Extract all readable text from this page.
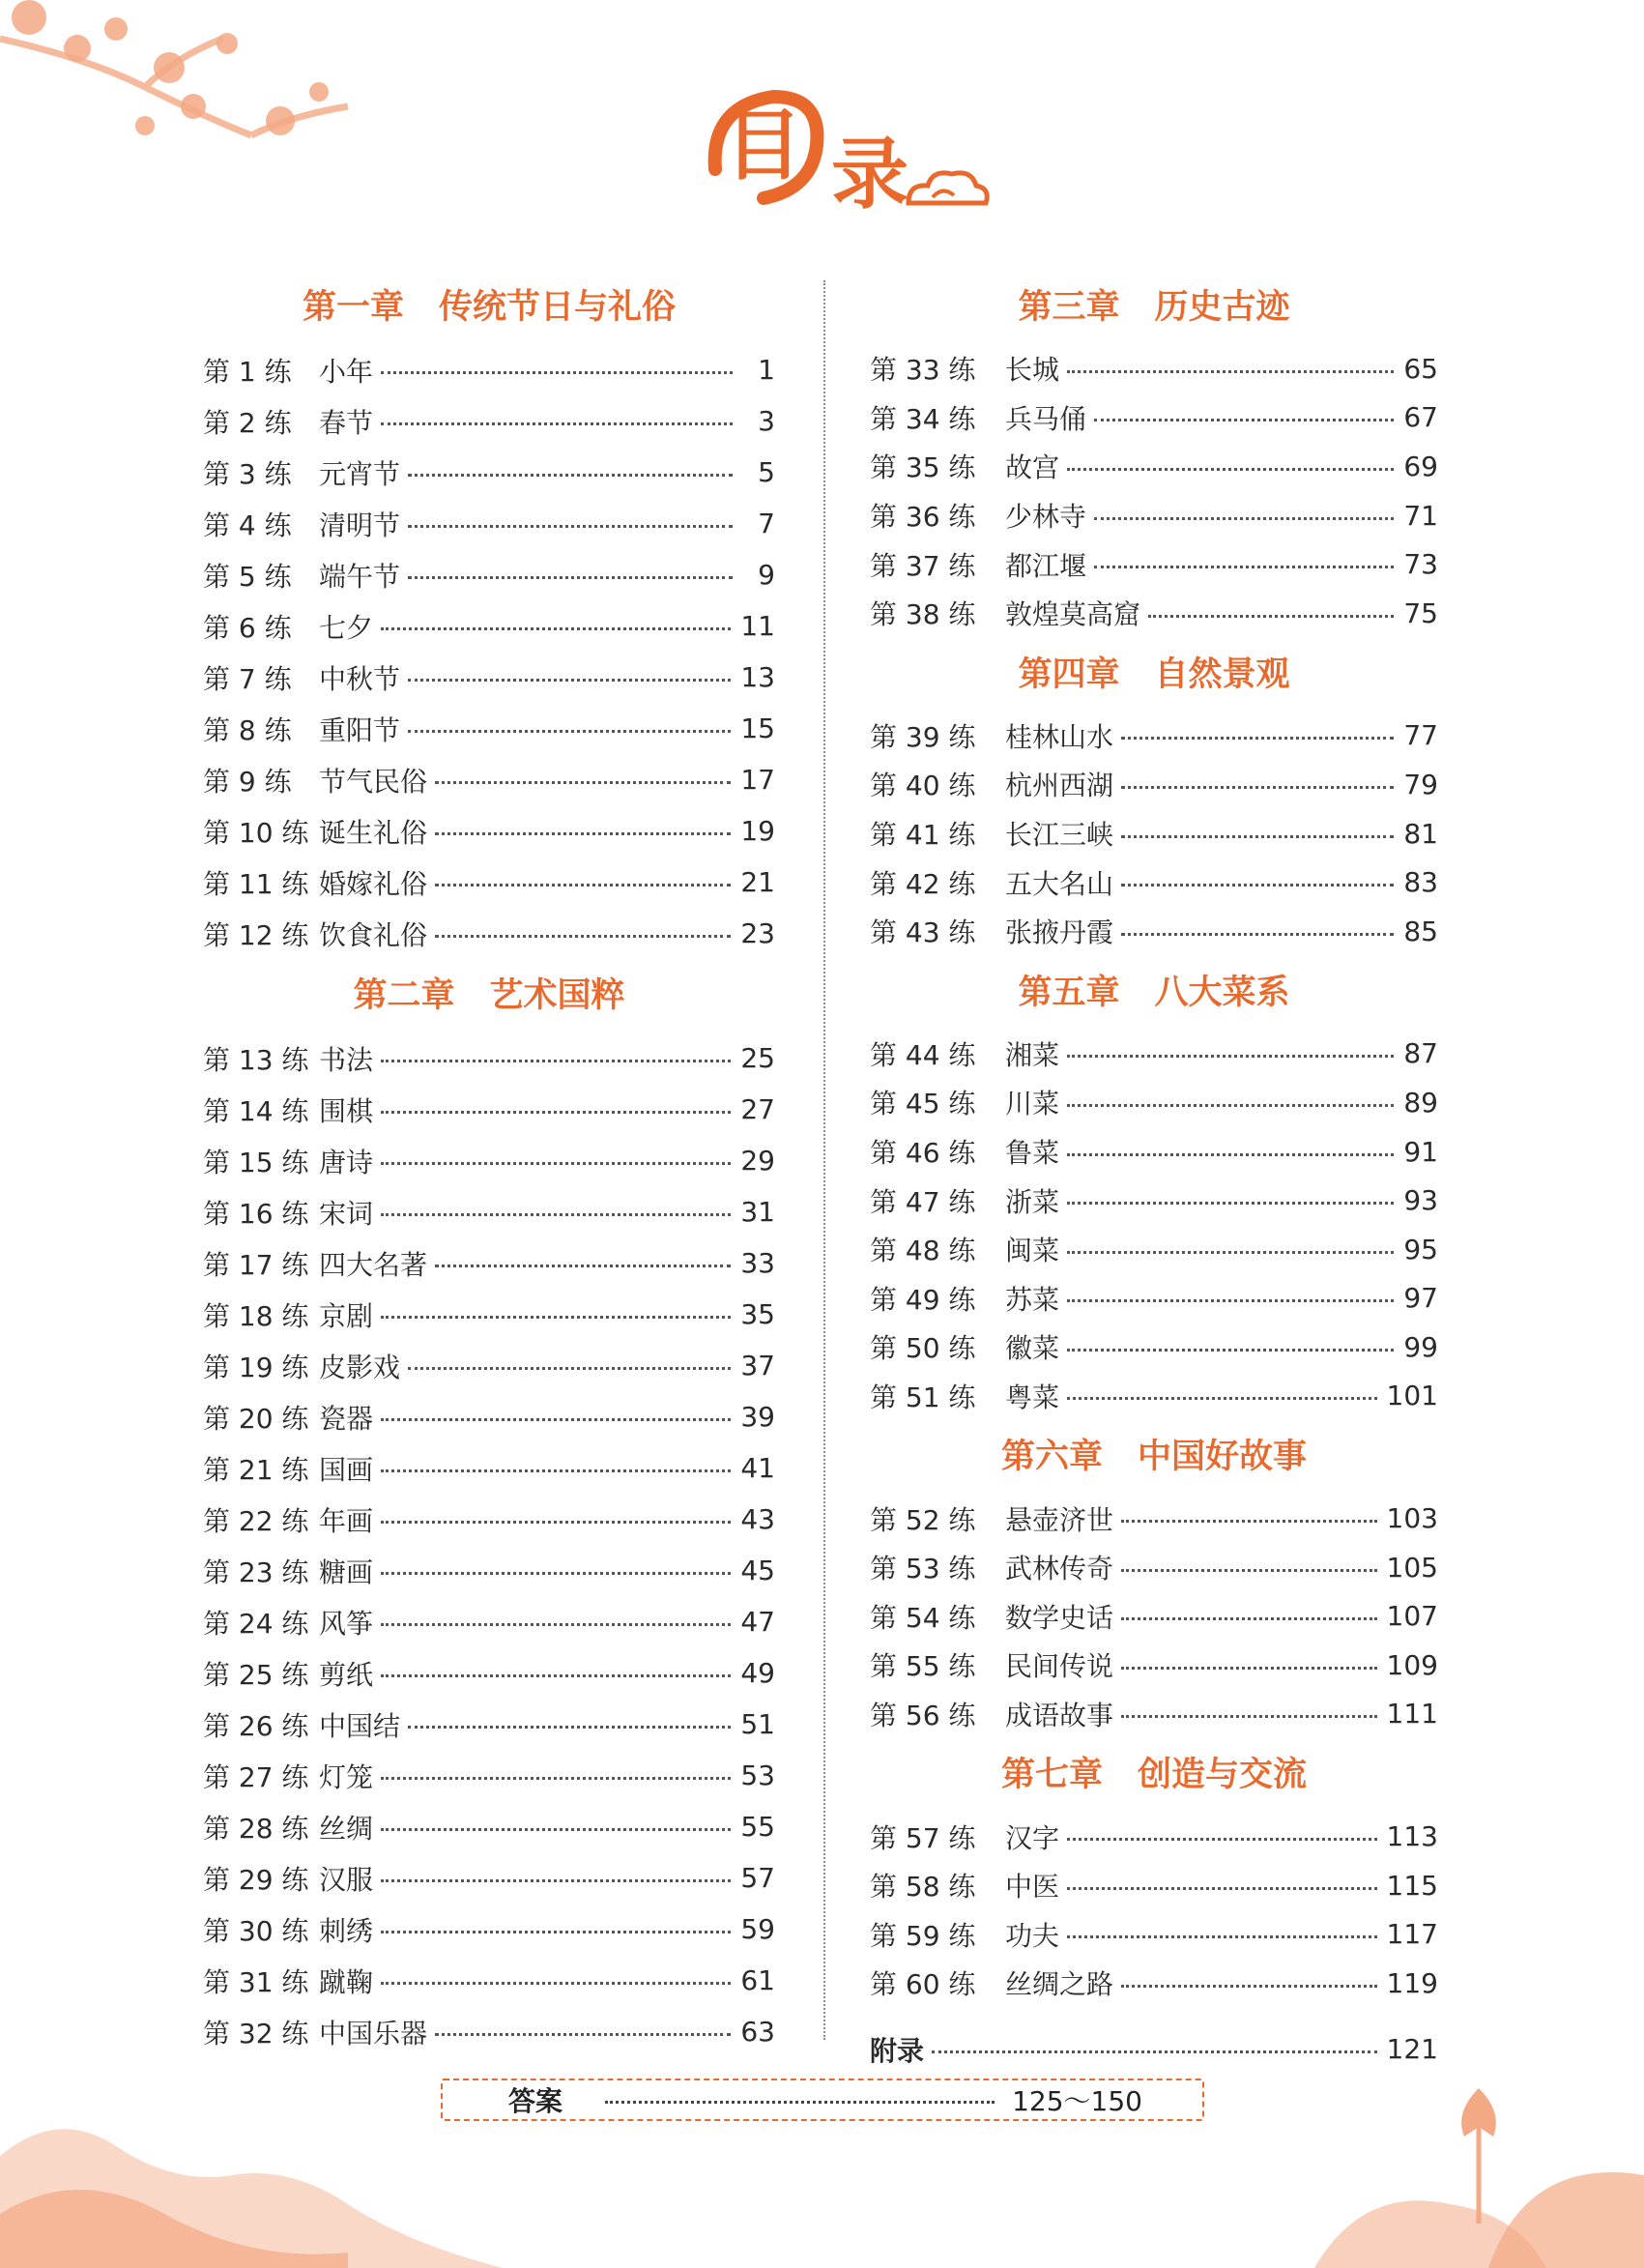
目 录
第一章 传统节日与礼俗
第 1 练	小年	1
第 2 练	春节	3
第 3 练	元宵节	5
第 4 练	清明节	7
第 5 练	端午节	9
第 6 练	七夕	11
第 7 练	中秋节	13
第 8 练	重阳节	15
第 9 练	节气民俗	17
第 10 练 诞生礼俗	19
第 11 练 婚嫁礼俗	21
第 12 练 饮食礼俗	23
第二章 艺术国粹
第 13 练 书法	25
第 14 练 围棋	27
第 15 练 唐诗	29
第 16 练 宋词	31
第 17 练 四大名著	33
第 18 练 京剧	35
第 19 练 皮影戏	37
第 20 练 瓷器	39
第 21 练 国画	41
第 22 练 年画	43
第 23 练 糖画	45
第 24 练 风筝	47
第 25 练 剪纸	49
第 26 练 中国结	51
第 27 练 灯笼	53
第 28 练 丝绸	55
第 29 练 汉服	57
第 30 练 刺绣	59
第 31 练 蹴鞠	61
第 32 练 中国乐器	63
第三章 历史古迹
第 33 练	长城	65
第 34 练	兵马俑	67
第 35 练	故宫	69
第 36 练	少林寺	71
第 37 练	都江堰	73
第 38 练	敦煌莫高窟	75
第四章 自然景观
第 39 练	桂林山水	77
第 40 练	杭州西湖	79
第 41 练	长江三峡	81
第 42 练	五大名山	83
第 43 练	张掖丹霞	85
第五章 八大菜系
第 44 练	湘菜	87
第 45 练	川菜	89
第 46 练	鲁菜	91
第 47 练	浙菜	93
第 48 练	闽菜	95
第 49 练	苏菜	97
第 50 练	徽菜	99
第 51 练	粤菜	101
第六章 中国好故事
第 52 练	悬壶济世	103
第 53 练	武林传奇	105
第 54 练	数学史话	107
第 55 练	民间传说	109
第 56 练	成语故事	111
第七章 创造与交流
第 57 练	汉字	113
第 58 练	中医	115
第 59 练	功夫	117
第 60 练	丝绸之路	119
附录	121
答案	125～150
